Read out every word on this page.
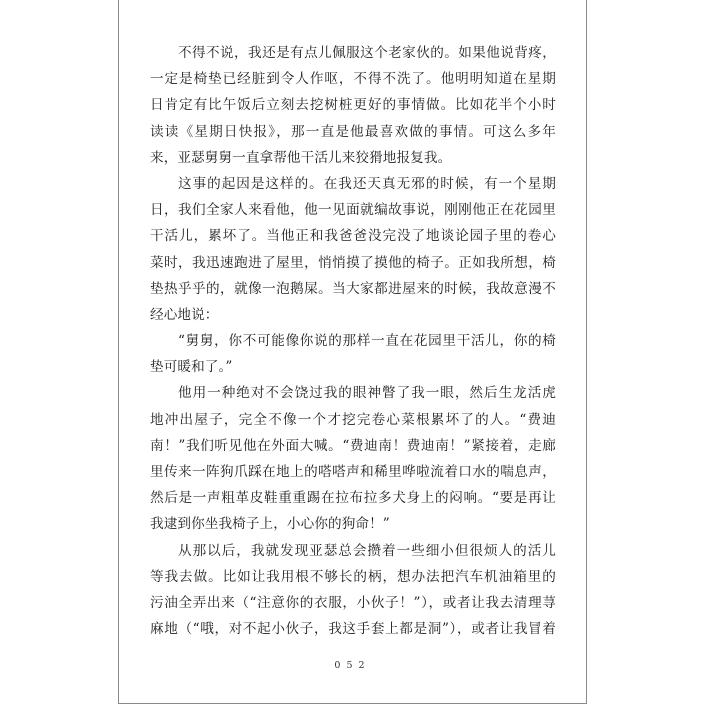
不得不说，我还是有点儿佩服这个老家伙的。如果他说背疼，
一定是椅垫已经脏到令人作呕，不得不洗了。他明明知道在星期
日肯定有比午饭后立刻去挖树桩更好的事情做。比如花半个小时
读读《星期日快报》，那一直是他最喜欢做的事情。可这么多年
来，亚瑟舅舅一直拿帮他干活儿来狡猾地报复我。
这事的起因是这样的。在我还天真无邪的时候，有一个星期
日，我们全家人来看他，他一见面就编故事说，刚刚他正在花园里
干活儿，累坏了。当他正和我爸爸没完没了地谈论园子里的卷心
菜时，我迅速跑进了屋里，悄悄摸了摸他的椅子。正如我所想，椅
垫热乎乎的，就像一泡鹅屎。当大家都进屋来的时候，我故意漫不
经心地说：
“舅舅，你不可能像你说的那样一直在花园里干活儿，你的椅
垫可暖和了。”
他用一种绝对不会饶过我的眼神瞥了我一眼，然后生龙活虎
地冲出屋子，完全不像一个才挖完卷心菜根累坏了的人。“费迪
南！”我们听见他在外面大喊。“费迪南！费迪南！”紧接着，走廊
里传来一阵狗爪踩在地上的嗒嗒声和稀里哗啦流着口水的喘息声，
然后是一声粗革皮鞋重重踢在拉布拉多犬身上的闷响。“要是再让
我逮到你坐我椅子上，小心你的狗命！”
从那以后，我就发现亚瑟总会攒着一些细小但很烦人的活儿
等我去做。比如让我用根不够长的柄，想办法把汽车机油箱里的
污油全弄出来（“注意你的衣服，小伙子！”），或者让我去清理荨
麻地（“哦，对不起小伙子，我这手套上都是洞”），或者让我冒着
052
